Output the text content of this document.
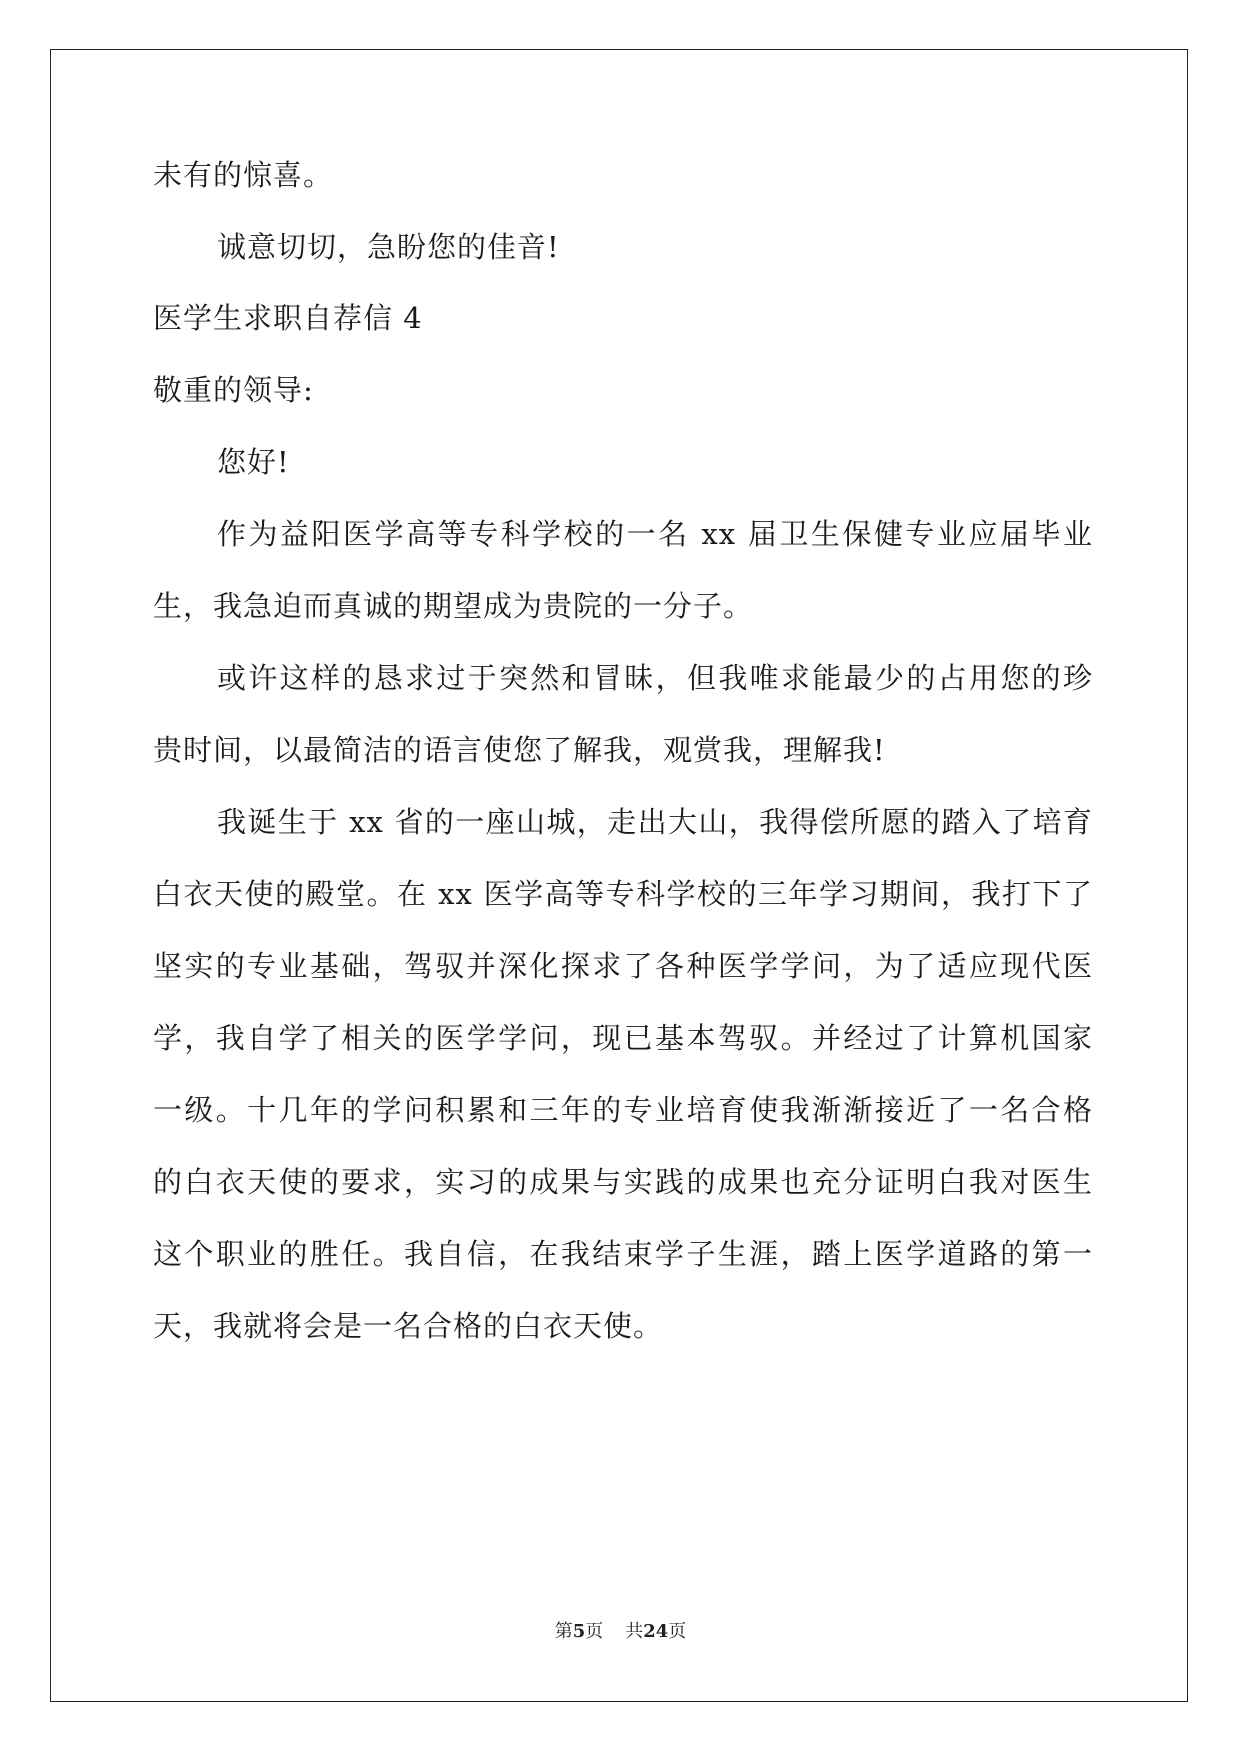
未有的惊喜。
诚意切切，急盼您的佳音!
医学生求职自荐信 4
敬重的领导:
您好!
作为益阳医学高等专科学校的一名 xx 届卫生保健专业应届毕业
生，我急迫而真诚的期望成为贵院的一分子。
或许这样的恳求过于突然和冒昧，但我唯求能最少的占用您的珍
贵时间，以最简洁的语言使您了解我，观赏我，理解我!
我诞生于 xx 省的一座山城，走出大山，我得偿所愿的踏入了培育
白衣天使的殿堂。在 xx 医学高等专科学校的三年学习期间，我打下了
坚实的专业基础，驾驭并深化探求了各种医学学问，为了适应现代医
学，我自学了相关的医学学问，现已基本驾驭。并经过了计算机国家
一级。十几年的学问积累和三年的专业培育使我渐渐接近了一名合格
的白衣天使的要求，实习的成果与实践的成果也充分证明白我对医生
这个职业的胜任。我自信，在我结束学子生涯，踏上医学道路的第一
天，我就将会是一名合格的白衣天使。
第5页 共24页
